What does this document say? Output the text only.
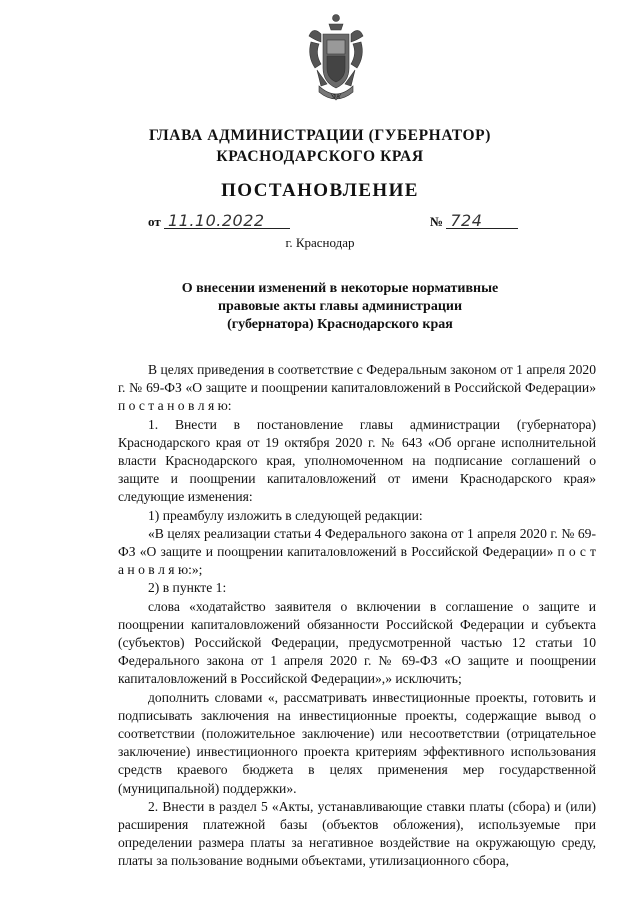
ФА
ГЛАВА АДМИНИСТРАЦИИ (ГУБЕРНАТОР)
КРАСНОДАРСКОГО КРАЯ
ПОСТАНОВЛЕНИЕ
от 11.10.2022	№ 724
г. Краснодар
О внесении изменений в некоторые нормативные
правовые акты главы администрации
(губернатора) Краснодарского края

В целях приведения в соответствие с Федеральным законом от 1 апреля 2020 г. № 69-ФЗ «О защите и поощрении капиталовложений в Российской Федерации» п о с т а н о в л я ю:

1. Внести в постановление главы администрации (губернатора) Краснодарского края от 19 октября 2020 г. № 643 «Об органе исполнительной власти Краснодарского края, уполномоченном на подписание соглашений о защите и поощрении капиталовложений от имени Краснодарского края» следующие изменения:

1) преамбулу изложить в следующей редакции:

«В целях реализации статьи 4 Федерального закона от 1 апреля 2020 г. № 69-ФЗ «О защите и поощрении капиталовложений в Российской Федерации» п о с т а н о в л я ю:»;

2) в пункте 1:

слова «ходатайство заявителя о включении в соглашение о защите и поощрении капиталовложений обязанности Российской Федерации и субъекта (субъектов) Российской Федерации, предусмотренной частью 12 статьи 10 Федерального закона от 1 апреля 2020 г. № 69-ФЗ «О защите и поощрении капиталовложений в Российской Федерации»,» исключить;

дополнить словами «, рассматривать инвестиционные проекты, готовить и подписывать заключения на инвестиционные проекты, содержащие вывод о соответствии (положительное заключение) или несоответствии (отрицательное заключение) инвестиционного проекта критериям эффективного использования средств краевого бюджета в целях применения мер государственной (муниципальной) поддержки».

2. Внести в раздел 5 «Акты, устанавливающие ставки платы (сбора) и (или) расширения платежной базы (объектов обложения), используемые при определении размера платы за негативное воздействие на окружающую среду, платы за пользование водными объектами, утилизационного сбора,
